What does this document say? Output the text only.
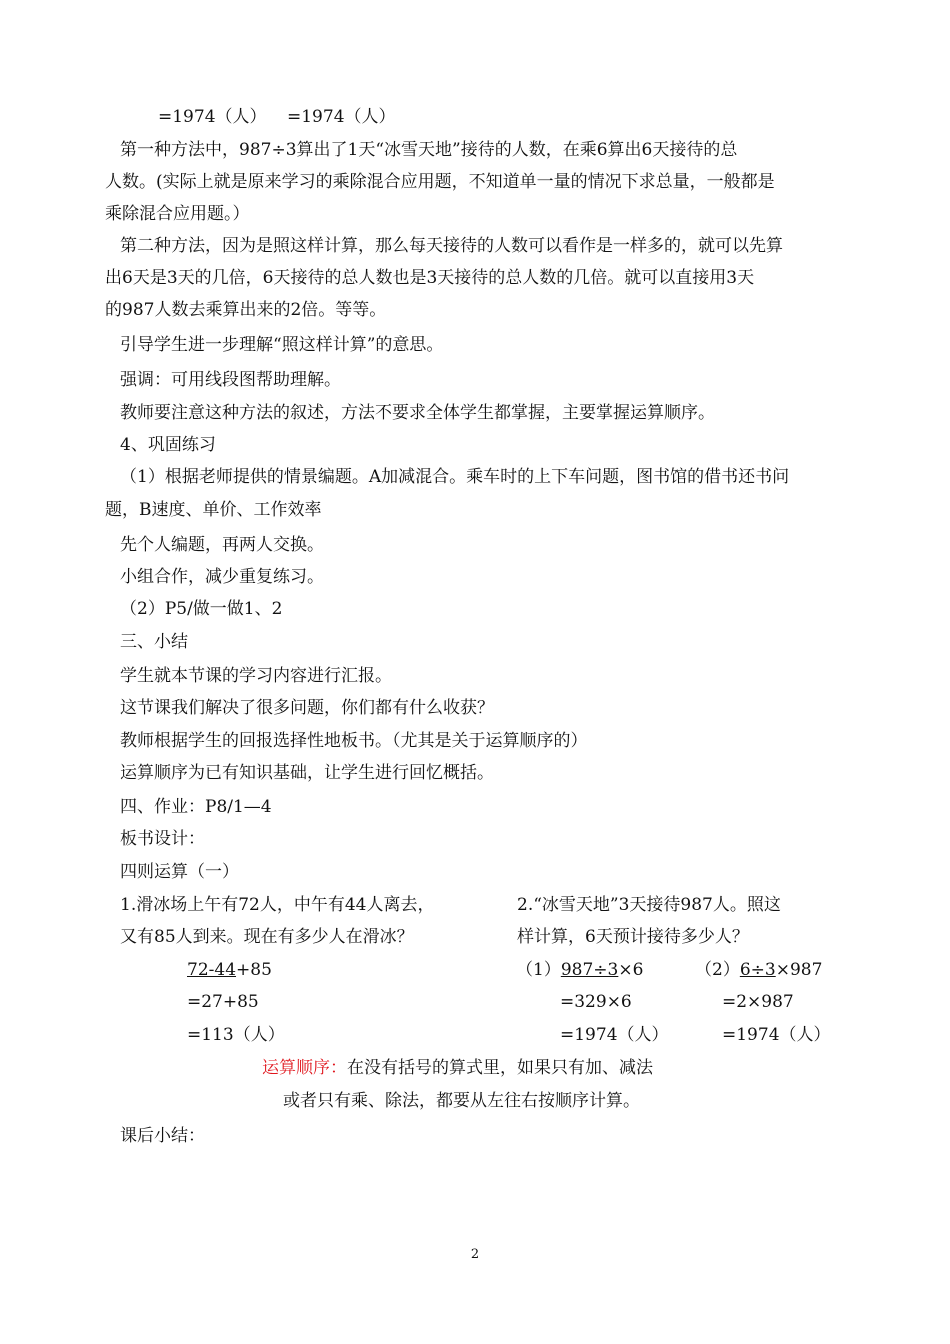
=1974（人） =1974（人）
第一种方法中，987÷3算出了1天“冰雪天地”接待的人数，在乘6算出6天接待的总
人数。(实际上就是原来学习的乘除混合应用题，不知道单一量的情况下求总量，一般都是
乘除混合应用题。）
第二种方法，因为是照这样计算，那么每天接待的人数可以看作是一样多的，就可以先算
出6天是3天的几倍，6天接待的总人数也是3天接待的总人数的几倍。就可以直接用3天
的987人数去乘算出来的2倍。等等。
引导学生进一步理解“照这样计算”的意思。
强调：可用线段图帮助理解。
教师要注意这种方法的叙述，方法不要求全体学生都掌握，主要掌握运算顺序。
4、巩固练习
（1）根据老师提供的情景编题。A加减混合。乘车时的上下车问题，图书馆的借书还书问
题，B速度、单价、工作效率
先个人编题，再两人交换。
小组合作，减少重复练习。
（2）P5/做一做1、2
三、小结
学生就本节课的学习内容进行汇报。
这节课我们解决了很多问题，你们都有什么收获？
教师根据学生的回报选择性地板书。（尤其是关于运算顺序的）
运算顺序为已有知识基础，让学生进行回忆概括。
四、作业：P8/1—4
板书设计：
四则运算（一）
1.滑冰场上午有72人，中午有44人离去，
又有85人到来。现在有多少人在滑冰？
72-44+85
=27+85
=113（人）
2.“冰雪天地”3天接待987人。照这
样计算，6天预计接待多少人？
（1）987÷3×6
=329×6
=1974（人）
（2）6÷3×987
=2×987
=1974（人）
运算顺序：在没有括号的算式里，如果只有加、减法
或者只有乘、除法，都要从左往右按顺序计算。
课后小结：
2
